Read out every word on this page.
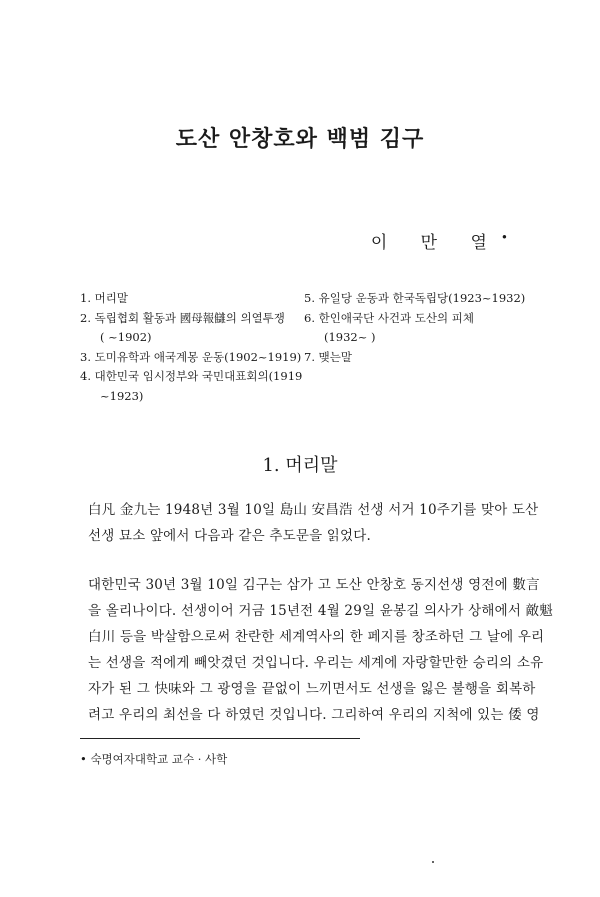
도산 안창호와 백범 김구
이 만 열•
1. 머리말
2. 독립협회 활동과 國母報讎의 의열투쟁
( ~1902)
3. 도미유학과 애국계몽 운동(1902~1919)
4. 대한민국 임시정부와 국민대표회의(1919
~1923)
5. 유일당 운동과 한국독립당(1923~1932)
6. 한인애국단 사건과 도산의 피체
(1932~ )
7. 맺는말
1. 머리말
白凡 金九는 1948년 3월 10일 島山 安昌浩 선생 서거 10주기를 맞아 도산
선생 묘소 앞에서 다음과 같은 추도문을 읽었다.
대한민국 30년 3월 10일 김구는 삼가 고 도산 안창호 동지선생 영전에 數言
을 올리나이다. 선생이어 거금 15년전 4월 29일 윤봉길 의사가 상해에서 敵魁
白川 등을 박살함으로써 찬란한 세계역사의 한 페지를 창조하던 그 날에 우리
는 선생을 적에게 빼앗겼던 것입니다. 우리는 세계에 자랑할만한 승리의 소유
자가 된 그 快味와 그 광영을 끝없이 느끼면서도 선생을 잃은 불행을 회복하
려고 우리의 최선을 다 하였던 것입니다. 그리하여 우리의 지척에 있는 倭 영
• 숙명여자대학교 교수 · 사학
